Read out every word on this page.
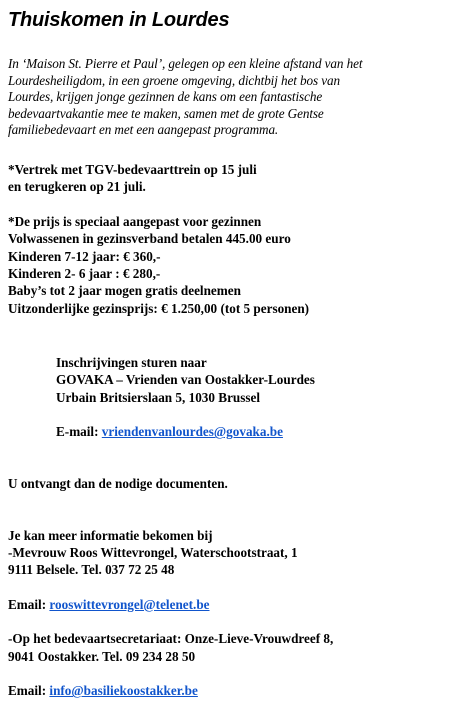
Thuiskomen in Lourdes

In ‘Maison St. Pierre et Paul’, gelegen op een kleine afstand van het
Lourdesheiligdom, in een groene omgeving, dichtbij het bos van
Lourdes, krijgen jonge gezinnen de kans om een fantastische
bedevaartvakantie mee te maken, samen met de grote Gentse
familiebedevaart en met een aangepast programma.

*Vertrek met TGV-bedevaarttrein op 15 juli
en terugkeren op 21 juli.

*De prijs is speciaal aangepast voor gezinnen
Volwassenen in gezinsverband betalen 445.00 euro
Kinderen 7-12 jaar: € 360,-
Kinderen 2- 6 jaar : € 280,-
Baby’s tot 2 jaar mogen gratis deelnemen
Uitzonderlijke gezinsprijs: € 1.250,00 (tot 5 personen)

Inschrijvingen sturen naar
GOVAKA – Vrienden van Oostakker-Lourdes
Urbain Britsierslaan 5, 1030 Brussel

E-mail: vriendenvanlourdes@govaka.be

U ontvangt dan de nodige documenten.

Je kan meer informatie bekomen bij
-Mevrouw Roos Wittevrongel, Waterschootstraat, 1
9111 Belsele. Tel. 037 72 25 48

Email: rooswittevrongel@telenet.be

-Op het bedevaartsecretariaat: Onze-Lieve-Vrouwdreef 8,
9041 Oostakker. Tel. 09 234 28 50

Email: info@basiliekoostakker.be
